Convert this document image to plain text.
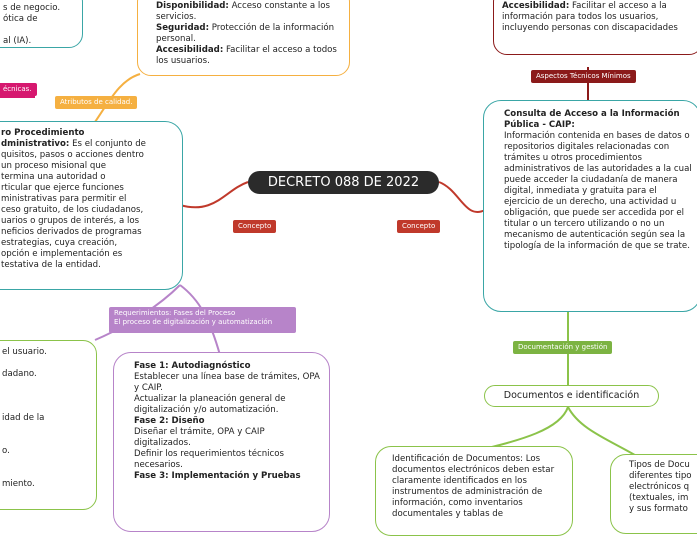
s de negocio.

ótica de

al (IA).

Disponibilidad: Acceso constante a los servicios.

Seguridad: Protección de la información personal.

Accesibilidad: Facilitar el acceso a todos los usuarios.

Accesibilidad: Facilitar el acceso a la información para todos los usuarios, incluyendo personas con discapacidades

écnicas.
Atributos de calidad.
Aspectos Técnicos Mínimos
Concepto	Concepto
Requerimientos: Fases del Proceso
El proceso de digitalización y automatización
Documentación y gestión
DECRETO 088 DE 2022

ro Procedimiento
dministrativo: Es el conjunto de
quisitos, pasos o acciones dentro
un proceso misional que
termina una autoridad o
rticular que ejerce funciones
ministrativas para permitir el
ceso gratuito, de los ciudadanos,
uarios o grupos de interés, a los
neficios derivados de programas
estrategias, cuya creación,
opción e implementación es
testativa de la entidad.

Consulta de Acceso a la Información Pública - CAIP:

Información contenida en bases de datos o repositorios digitales relacionadas con trámites u otros procedimientos administrativos de las autoridades a la cual puede acceder la ciudadanía de manera digital, inmediata y gratuita para el ejercicio de un derecho, una actividad u obligación, que puede ser accedida por el titular o un tercero utilizando o no un mecanismo de autenticación según sea la tipología de la información de que se trate.

el usuario.

dadano.

idad de la

o.

miento.

Fase 1: Autodiagnóstico

Establecer una línea base de trámites, OPA y CAIP.
Actualizar la planeación general de digitalización y/o automatización.

Fase 2: Diseño

Diseñar el trámite, OPA y CAIP digitalizados.
Definir los requerimientos técnicos necesarios.

Fase 3: Implementación y Pruebas

Documentos e identificación

Identificación de Documentos: Los documentos electrónicos deben estar claramente identificados en los instrumentos de administración de información, como inventarios documentales y tablas de

Tipos de Docu
diferentes tipo
electrónicos q
(textuales, im
y sus formato
